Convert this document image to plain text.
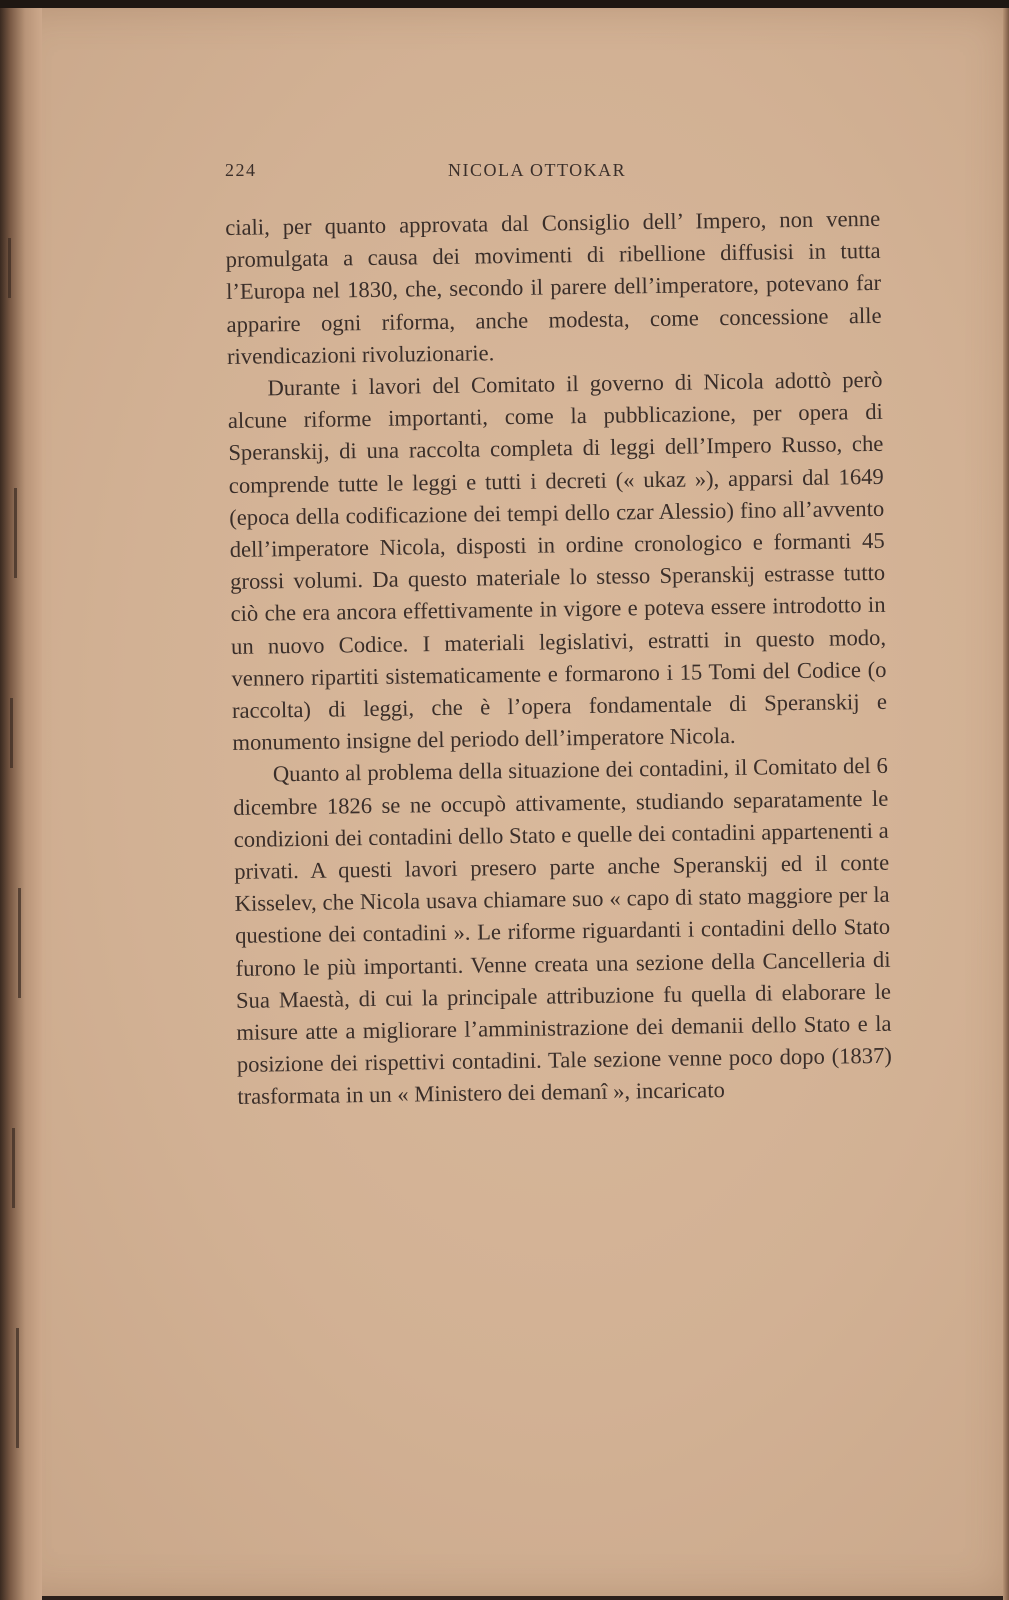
224	NICOLA OTTOKAR

ciali, per quanto approvata dal Consiglio dell’ Impero, non venne promulgata a causa dei movimenti di ribellione diffusisi in tutta l’Europa nel 1830, che, secondo il parere dell’imperatore, potevano far apparire ogni riforma, anche modesta, come concessione alle rivendicazioni rivoluzionarie.

Durante i lavori del Comitato il governo di Nicola adottò però alcune riforme importanti, come la pubblicazione, per opera di Speranskij, di una raccolta completa di leggi dell’Impero Russo, che comprende tutte le leggi e tutti i decreti (« ukaz »), apparsi dal 1649 (epoca della codificazione dei tempi dello czar Alessio) fino all’avvento dell’imperatore Nicola, disposti in ordine cronologico e formanti 45 grossi volumi. Da questo materiale lo stesso Speranskij estrasse tutto ciò che era ancora effettivamente in vigore e poteva essere introdotto in un nuovo Codice. I materiali legislativi, estratti in questo modo, vennero ripartiti sistematicamente e formarono i 15 Tomi del Codice (o raccolta) di leggi, che è l’opera fondamentale di Speranskij e monumento insigne del periodo dell’imperatore Nicola.

Quanto al problema della situazione dei contadini, il Comitato del 6 dicembre 1826 se ne occupò attivamente, studiando separatamente le condizioni dei contadini dello Stato e quelle dei contadini appartenenti a privati. A questi lavori presero parte anche Speranskij ed il conte Kisselev, che Nicola usava chiamare suo « capo di stato maggiore per la questione dei contadini ». Le riforme riguardanti i contadini dello Stato furono le più importanti. Venne creata una sezione della Cancelleria di Sua Maestà, di cui la principale attribuzione fu quella di elaborare le misure atte a migliorare l’amministrazione dei demanii dello Stato e la posizione dei rispettivi contadini. Tale sezione venne poco dopo (1837) trasformata in un « Ministero dei demanî », incaricato
